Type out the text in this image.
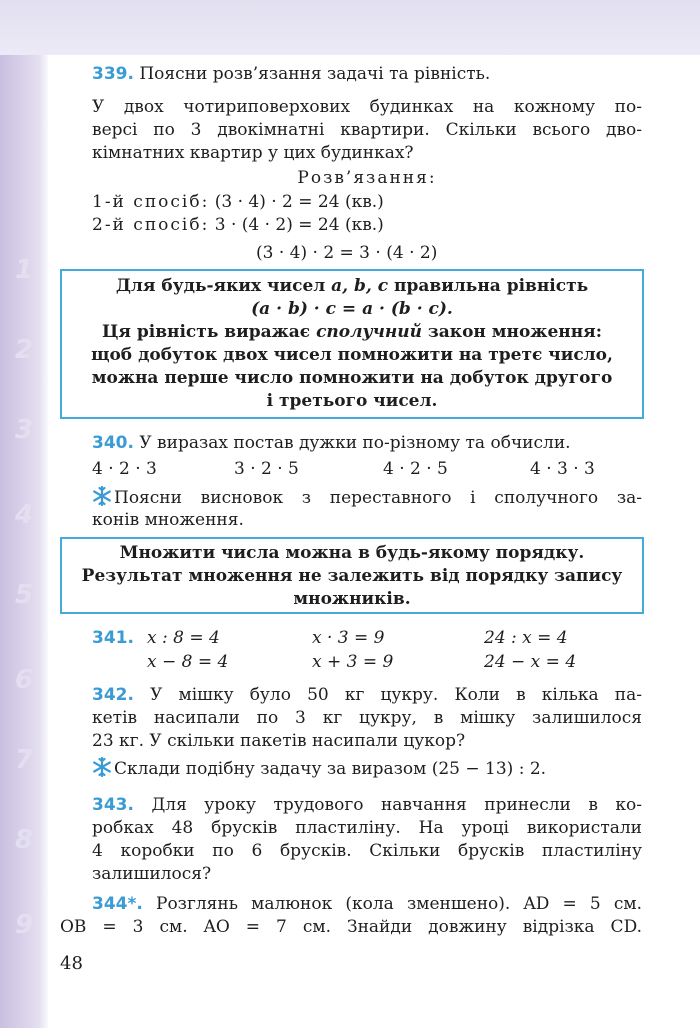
1
2
3
4
5
6
7
8
9
339. Поясни розв’язання задачі та рівність.
У двох чотириповерхових будинках на кожному по-
версі по 3 двокімнатні квартири. Скільки всього дво-
кімнатних квартир у цих будинках?
Розв’язання:
1-й спосіб: (3 · 4) · 2 = 24 (кв.)
2-й спосіб: 3 · (4 · 2) = 24 (кв.)
(3 · 4) · 2 = 3 · (4 · 2)
Для будь-яких чисел a, b, c правильна рівність
(a · b) · c = a · (b · c).
Ця рівність виражає сполучний закон множення:
щоб добуток двох чисел помножити на третє число,
можна перше число помножити на добуток другого
і третього чисел.
340. У виразах постав дужки по-різному та обчисли.
4 · 2 · 3	3 · 2 · 5	4 · 2 · 5	4 · 3 · 3
Поясни висновок з переставного і сполучного за-
конів множення.
Множити числа можна в будь-якому порядку.
Результат множення не залежить від порядку запису
множників.
341. x : 8 = 4	x · 3 = 9	24 : x = 4
x − 8 = 4	x + 3 = 9	24 − x = 4
342. У мішку було 50 кг цукру. Коли в кілька па-
кетів насипали по 3 кг цукру, в мішку залишилося
23 кг. У скільки пакетів насипали цукор?
Склади подібну задачу за виразом (25 − 13) : 2.
343. Для уроку трудового навчання принесли в ко-
робках 48 брусків пластиліну. На уроці використали
4 коробки по 6 брусків. Скільки брусків пластиліну
залишилося?
344*. Розглянь малюнок (кола зменшено). AD = 5 см.
OB = 3 см. AO = 7 см. Знайди довжину відрізка CD.
48
